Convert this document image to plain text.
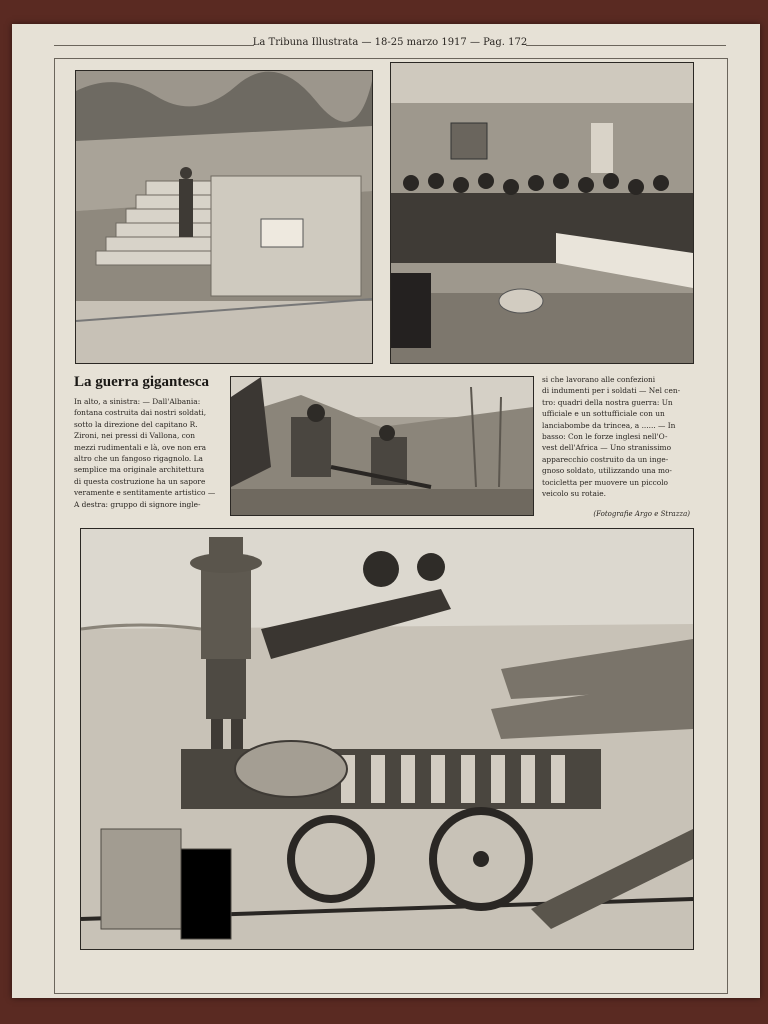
La Tribuna Illustrata — 18-25 marzo 1917 — Pag. 172
La guerra gigantesca
In alto, a sinistra: — Dall'Albania:
fontana costruita dai nostri soldati,
sotto la direzione del capitano R.
Zironi, nei pressi di Vallona, con
mezzi rudimentali e là, ove non era
altro che un fangoso rigagnolo. La
semplice ma originale architettura
di questa costruzione ha un sapore
veramente e sentitamente artistico —
A destra: gruppo di signore ingle-
si che lavorano alle confezioni
di indumenti per i soldati — Nel cen-
tro: quadri della nostra guerra: Un
ufficiale e un sottufficiale con un
lanciabombe da trincea, a ...... — In
basso: Con le forze inglesi nell'O-
vest dell'Africa — Uno stranissimo
apparecchio costruito da un inge-
gnoso soldato, utilizzando una mo-
tocicletta per muovere un piccolo
veicolo su rotaie.
(Fotografie Argo e Strazza)
